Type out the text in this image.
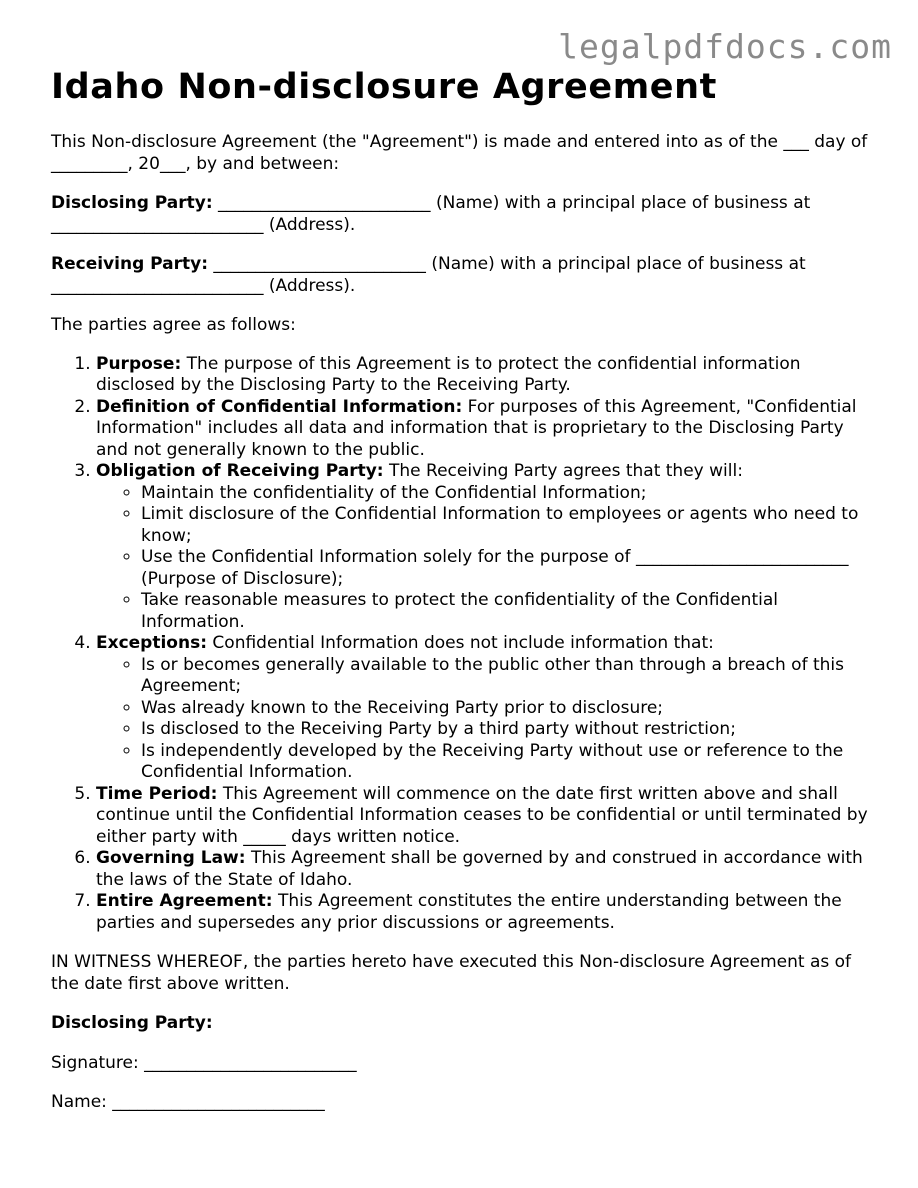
legalpdfdocs.com
Idaho Non-disclosure Agreement

This Non-disclosure Agreement (the "Agreement") is made and entered into as of the ___ day of _________, 20___, by and between:

Disclosing Party: _________________________ (Name) with a principal place of business at _________________________ (Address).

Receiving Party: _________________________ (Name) with a principal place of business at _________________________ (Address).

The parties agree as follows:

1. Purpose: The purpose of this Agreement is to protect the confidential information disclosed by the Disclosing Party to the Receiving Party.
2. Definition of Confidential Information: For purposes of this Agreement, "Confidential Information" includes all data and information that is proprietary to the Disclosing Party and not generally known to the public.
3. Obligation of Receiving Party: The Receiving Party agrees that they will:
◦ Maintain the confidentiality of the Confidential Information;
◦ Limit disclosure of the Confidential Information to employees or agents who need to know;
◦ Use the Confidential Information solely for the purpose of _________________________ (Purpose of Disclosure);
◦ Take reasonable measures to protect the confidentiality of the Confidential Information.
4. Exceptions: Confidential Information does not include information that:
◦ Is or becomes generally available to the public other than through a breach of this Agreement;
◦ Was already known to the Receiving Party prior to disclosure;
◦ Is disclosed to the Receiving Party by a third party without restriction;
◦ Is independently developed by the Receiving Party without use or reference to the Confidential Information.
5. Time Period: This Agreement will commence on the date first written above and shall continue until the Confidential Information ceases to be confidential or until terminated by either party with _____ days written notice.
6. Governing Law: This Agreement shall be governed by and construed in accordance with the laws of the State of Idaho.
7. Entire Agreement: This Agreement constitutes the entire understanding between the parties and supersedes any prior discussions or agreements.

IN WITNESS WHEREOF, the parties hereto have executed this Non-disclosure Agreement as of the date first above written.

Disclosing Party:

Signature: _________________________

Name: _________________________
